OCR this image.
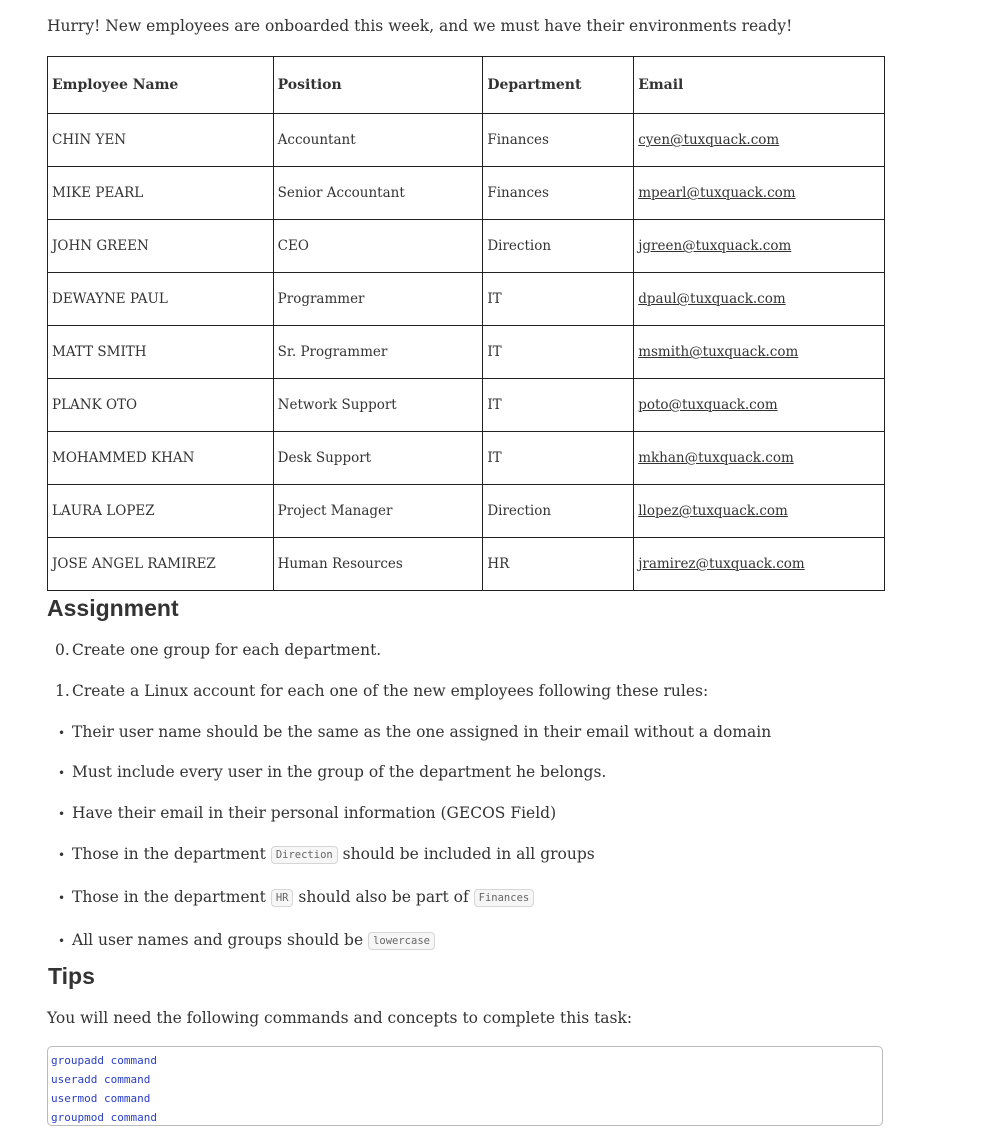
Hurry! New employees are onboarded this week, and we must have their environments ready!

Employee Name	Position	Department	Email
CHIN YEN	Accountant	Finances	cyen@tuxquack.com
MIKE PEARL	Senior Accountant	Finances	mpearl@tuxquack.com
JOHN GREEN	CEO	Direction	jgreen@tuxquack.com
DEWAYNE PAUL	Programmer	IT	dpaul@tuxquack.com
MATT SMITH	Sr. Programmer	IT	msmith@tuxquack.com
PLANK OTO	Network Support	IT	poto@tuxquack.com
MOHAMMED KHAN	Desk Support	IT	mkhan@tuxquack.com
LAURA LOPEZ	Project Manager	Direction	llopez@tuxquack.com
JOSE ANGEL RAMIREZ	Human Resources	HR	jramirez@tuxquack.com
Assignment
0. Create one group for each department.

1. Create a Linux account for each one of the new employees following these rules:

• Their user name should be the same as the one assigned in their email without a domain

• Must include every user in the group of the department he belongs.

• Have their email in their personal information (GECOS Field)

• Those in the department Direction should be included in all groups

• Those in the department HR should also be part of Finances

• All user names and groups should be lowercase

Tips

You will need the following commands and concepts to complete this task:

groupadd command
useradd command
usermod command
groupmod command
